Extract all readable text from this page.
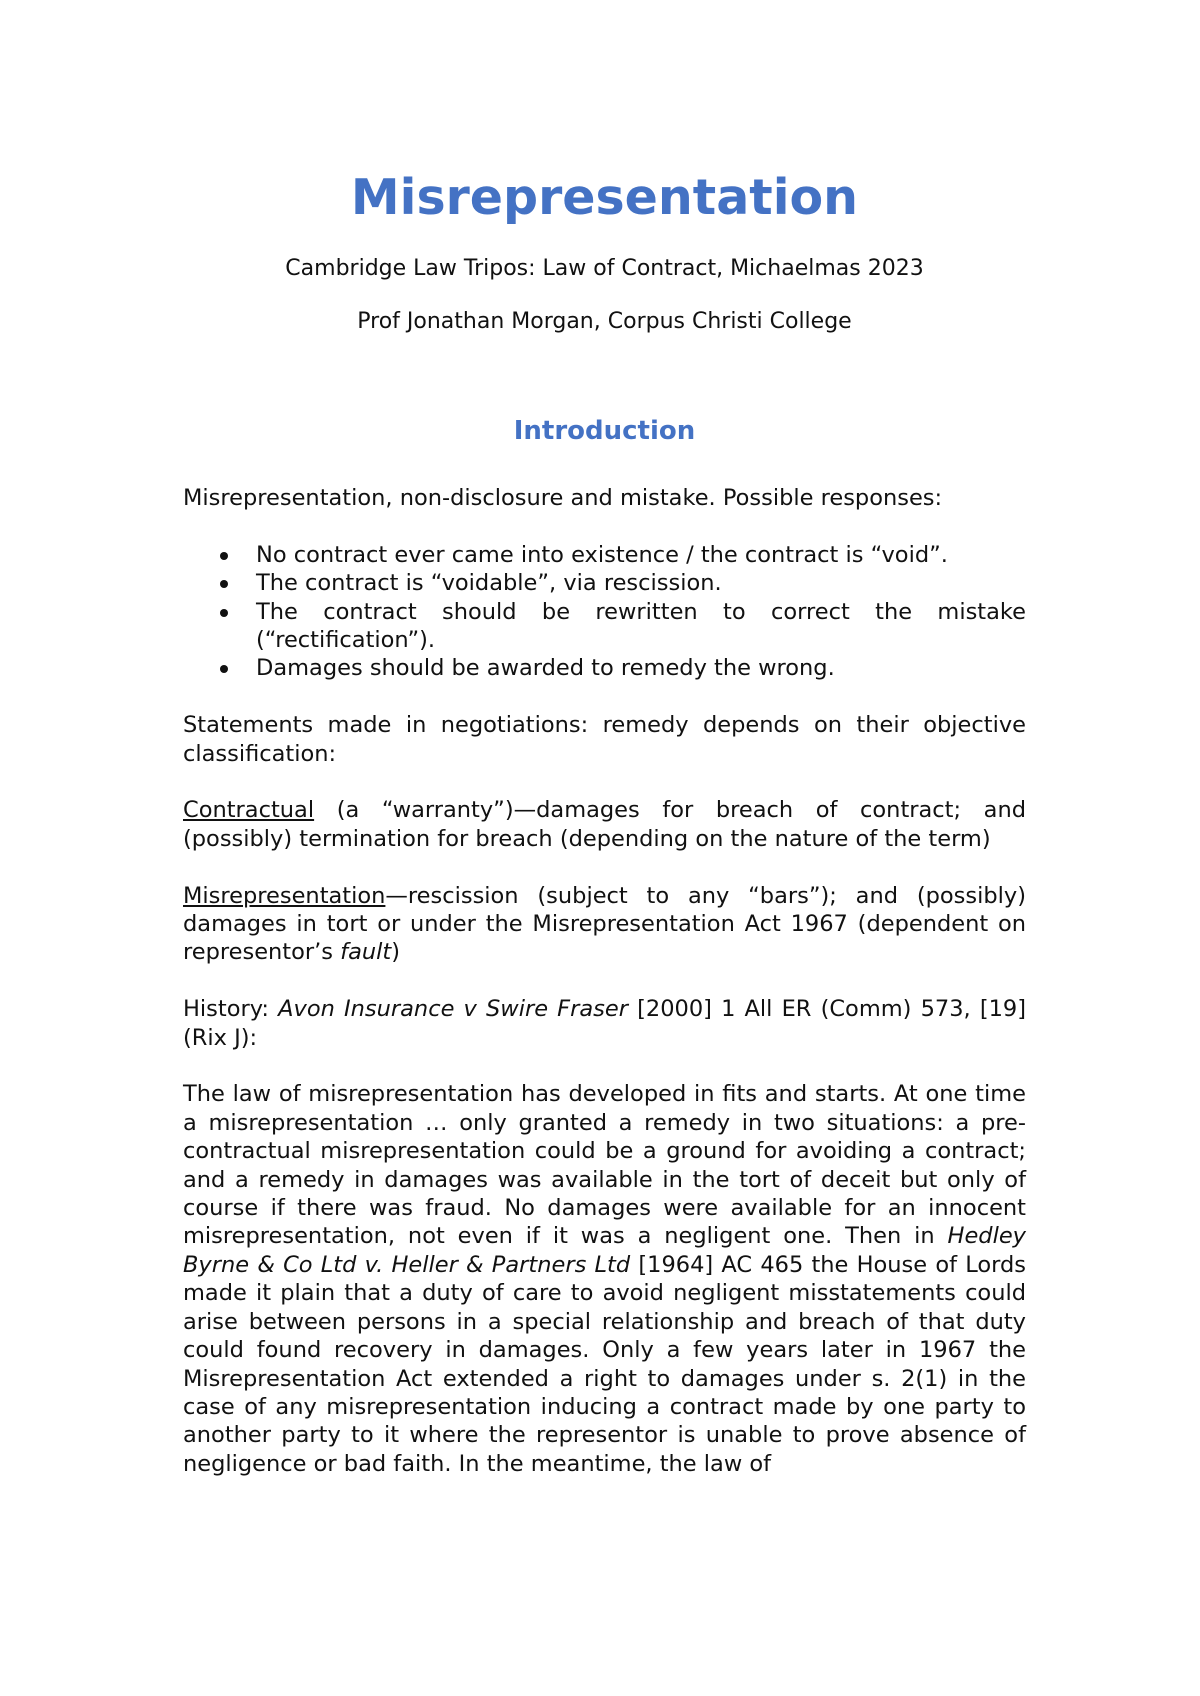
Misrepresentation

Cambridge Law Tripos: Law of Contract, Michaelmas 2023

Prof Jonathan Morgan, Corpus Christi College

Introduction

Misrepresentation, non-disclosure and mistake. Possible responses:

No contract ever came into existence / the contract is “void”.
The contract is “voidable”, via rescission.
The contract should be rewritten to correct the mistake (“rectification”).
Damages should be awarded to remedy the wrong.

Statements made in negotiations: remedy depends on their objective classification:

Contractual (a “warranty”)—damages for breach of contract; and (possibly) termination for breach (depending on the nature of the term)

Misrepresentation—rescission (subject to any “bars”); and (possibly) damages in tort or under the Misrepresentation Act 1967 (dependent on representor’s fault)

History: Avon Insurance v Swire Fraser [2000] 1 All ER (Comm) 573, [19] (Rix J):

The law of misrepresentation has developed in fits and starts. At one time a misrepresentation … only granted a remedy in two situations: a pre-contractual misrepresentation could be a ground for avoiding a contract; and a remedy in damages was available in the tort of deceit but only of course if there was fraud. No damages were available for an innocent misrepresentation, not even if it was a negligent one. Then in Hedley Byrne & Co Ltd v. Heller & Partners Ltd [1964] AC 465 the House of Lords made it plain that a duty of care to avoid negligent misstatements could arise between persons in a special relationship and breach of that duty could found recovery in damages. Only a few years later in 1967 the Misrepresentation Act extended a right to damages under s. 2(1) in the case of any misrepresentation inducing a contract made by one party to another party to it where the representor is unable to prove absence of negligence or bad faith. In the meantime, the law of
